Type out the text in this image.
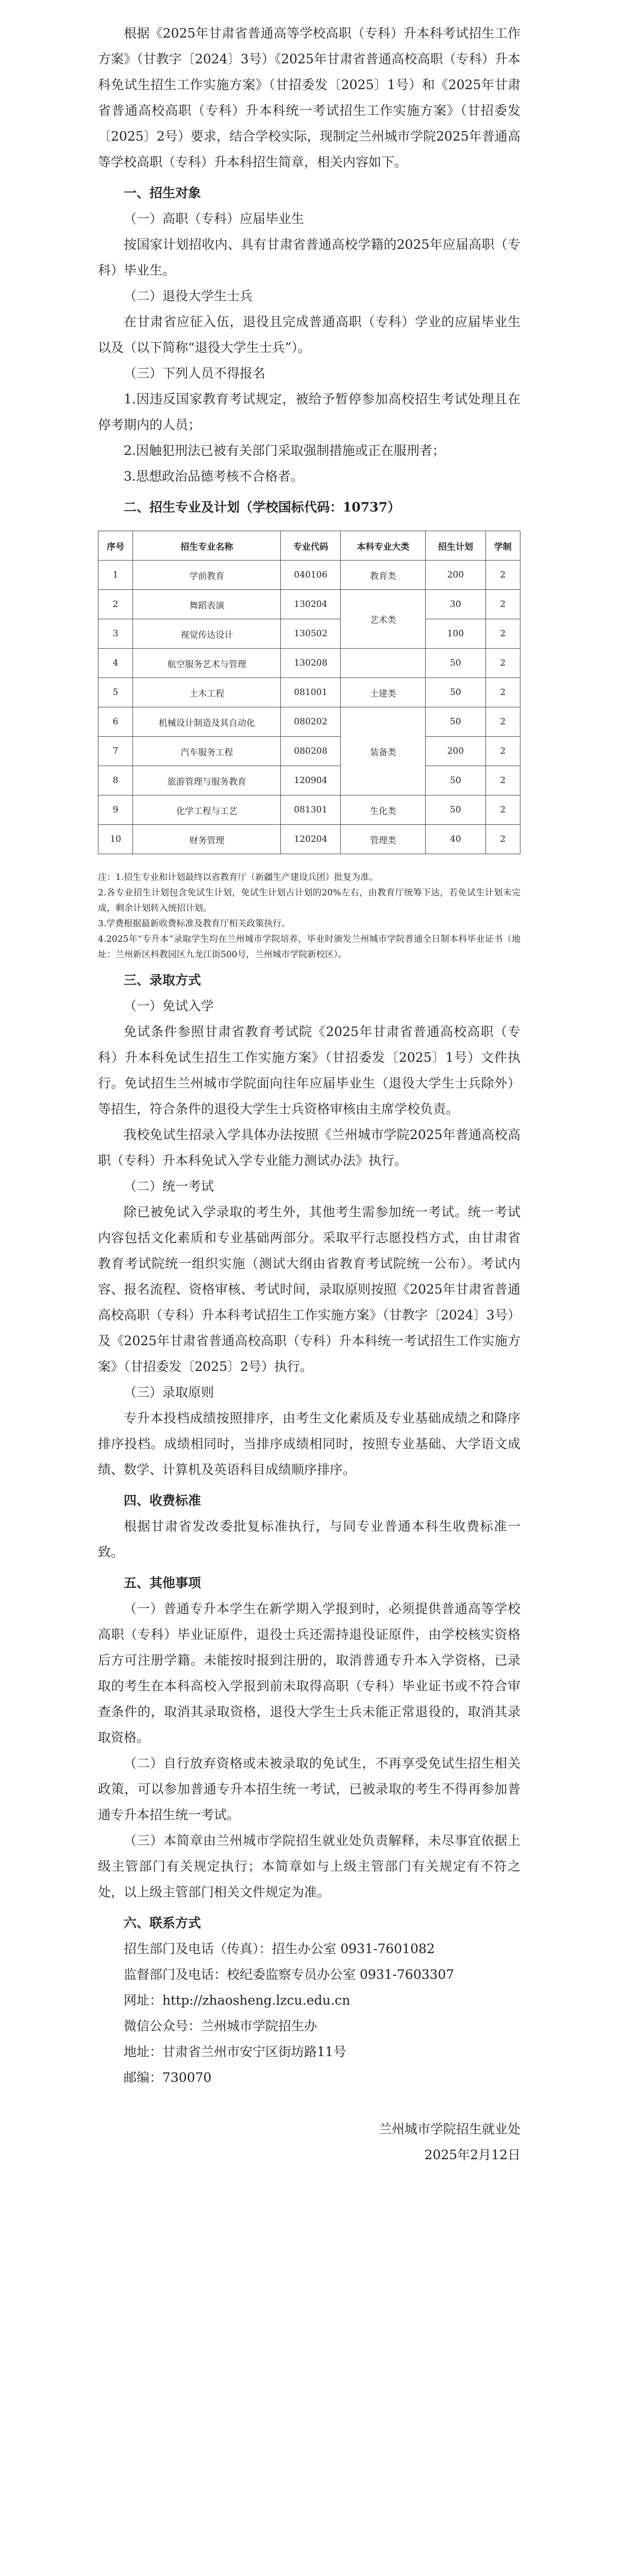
根据《2025年甘肃省普通高等学校高职（专科）升本科考试招生工作方案》（甘教字〔2024〕3号）《2025年甘肃省普通高校高职（专科）升本科免试生招生工作实施方案》（甘招委发〔2025〕1号）和《2025年甘肃省普通高校高职（专科）升本科统一考试招生工作实施方案》（甘招委发〔2025〕2号）要求，结合学校实际，现制定兰州城市学院2025年普通高等学校高职（专科）升本科招生简章，相关内容如下。

一、招生对象

（一）高职（专科）应届毕业生

按国家计划招收内、具有甘肃省普通高校学籍的2025年应届高职（专科）毕业生。

（二）退役大学生士兵

在甘肃省应征入伍，退役且完成普通高职（专科）学业的应届毕业生以及（以下简称“退役大学生士兵”）。

（三）下列人员不得报名

1.因违反国家教育考试规定，被给予暂停参加高校招生考试处理且在停考期内的人员；

2.因触犯刑法已被有关部门采取强制措施或正在服刑者；

3.思想政治品德考核不合格者。

二、招生专业及计划（学校国标代码：10737）

序号	招生专业名称	专业代码	本科专业大类	招生计划	学制
1	学前教育	040106	教育类	200	2
2	舞蹈表演	130204	艺术类	30	2
3	视觉传达设计	130502		100	2
4	航空服务艺术与管理	130208		50	2
5	土木工程	081001	土建类	50	2
6	机械设计制造及其自动化	080202	装备类	50	2
7	汽车服务工程	080208		200	2
8	旅游管理与服务教育	120904		50	2
9	化学工程与工艺	081301	生化类	50	2
10	财务管理	120204	管理类	40	2

注：1.招生专业和计划最终以省教育厅（新疆生产建设兵团）批复为准。

2.各专业招生计划包含免试生计划，免试生计划占计划的20%左右，由教育厅统筹下达，若免试生计划未完成，剩余计划转入统招计划。

3.学费根据最新收费标准及教育厅相关政策执行。

4.2025年“专升本”录取学生均在兰州城市学院培养，毕业时颁发兰州城市学院普通全日制本科毕业证书（地址：兰州新区科教园区九龙江街500号，兰州城市学院新校区）。

三、录取方式

（一）免试入学

免试条件参照甘肃省教育考试院《2025年甘肃省普通高校高职（专科）升本科免试生招生工作实施方案》（甘招委发〔2025〕1号）文件执行。免试招生兰州城市学院面向往年应届毕业生（退役大学生士兵除外）等招生，符合条件的退役大学生士兵资格审核由主席学校负责。

我校免试生招录入学具体办法按照《兰州城市学院2025年普通高校高职（专科）升本科免试入学专业能力测试办法》执行。

（二）统一考试

除已被免试入学录取的考生外，其他考生需参加统一考试。统一考试内容包括文化素质和专业基础两部分。采取平行志愿投档方式，由甘肃省教育考试院统一组织实施（测试大纲由省教育考试院统一公布）。考试内容、报名流程、资格审核、考试时间，录取原则按照《2025年甘肃省普通高校高职（专科）升本科考试招生工作实施方案》（甘教字〔2024〕3号）及《2025年甘肃省普通高校高职（专科）升本科统一考试招生工作实施方案》（甘招委发〔2025〕2号）执行。

（三）录取原则

专升本投档成绩按照排序，由考生文化素质及专业基础成绩之和降序排序投档。成绩相同时，当排序成绩相同时，按照专业基础、大学语文成绩、数学、计算机及英语科目成绩顺序排序。

四、收费标准

根据甘肃省发改委批复标准执行，与同专业普通本科生收费标准一致。

五、其他事项

（一）普通专升本学生在新学期入学报到时，必须提供普通高等学校高职（专科）毕业证原件，退役士兵还需持退役证原件，由学校核实资格后方可注册学籍。未能按时报到注册的，取消普通专升本入学资格，已录取的考生在本科高校入学报到前未取得高职（专科）毕业证书或不符合审查条件的，取消其录取资格，退役大学生士兵未能正常退役的，取消其录取资格。

（二）自行放弃资格或未被录取的免试生，不再享受免试生招生相关政策，可以参加普通专升本招生统一考试，已被录取的考生不得再参加普通专升本招生统一考试。

（三）本简章由兰州城市学院招生就业处负责解释，未尽事宜依据上级主管部门有关规定执行；本简章如与上级主管部门有关规定有不符之处，以上级主管部门相关文件规定为准。

六、联系方式

招生部门及电话（传真）：招生办公室 0931-7601082

监督部门及电话：校纪委监察专员办公室 0931-7603307

网址：http://zhaosheng.lzcu.edu.cn

微信公众号：兰州城市学院招生办

地址：甘肃省兰州市安宁区街坊路11号

邮编：730070

兰州城市学院招生就业处

2025年2月12日
